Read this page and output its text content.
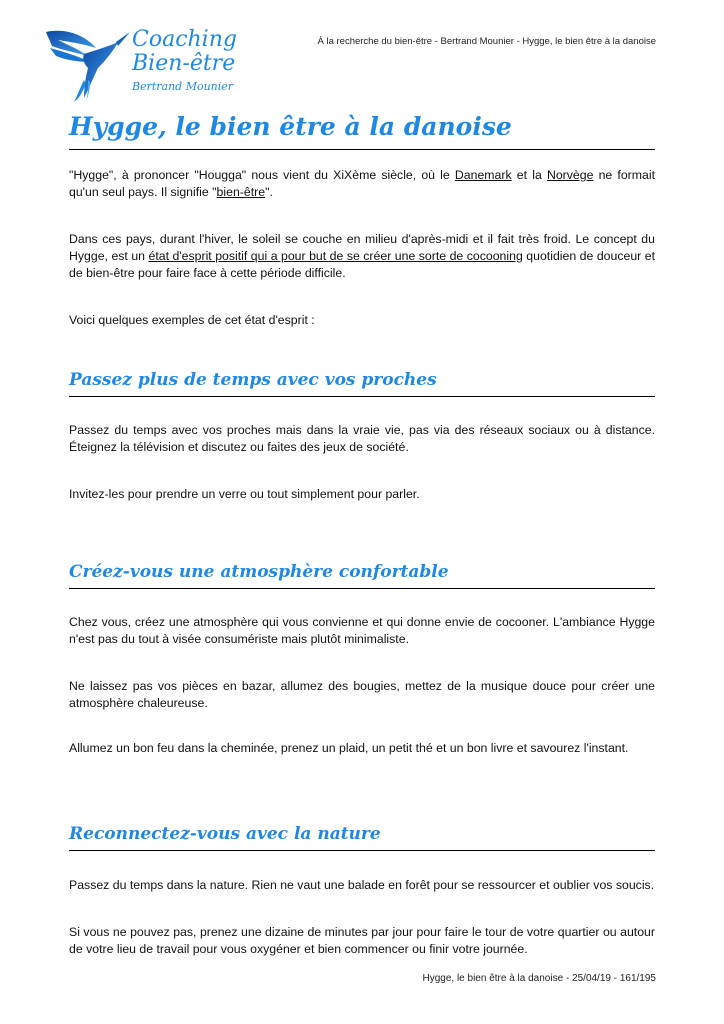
Coaching
Bien-être
Bertrand Mounier
À la recherche du bien-être - Bertrand Mounier - Hygge, le bien être à la danoise
Hygge, le bien être à la danoise

"Hygge", à prononcer "Hougga" nous vient du XiXème siècle, où le Danemark et la Norvège ne formait qu'un seul pays. Il signifie "bien-être".

Dans ces pays, durant l'hiver, le soleil se couche en milieu d'après-midi et il fait très froid. Le concept du Hygge, est un état d'esprit positif qui a pour but de se créer une sorte de cocooning quotidien de douceur et de bien-être pour faire face à cette période difficile.

Voici quelques exemples de cet état d'esprit :

Passez plus de temps avec vos proches

Passez du temps avec vos proches mais dans la vraie vie, pas via des réseaux sociaux ou à distance. Éteignez la télévision et discutez ou faites des jeux de société.

Invitez-les pour prendre un verre ou tout simplement pour parler.

Créez-vous une atmosphère confortable

Chez vous, créez une atmosphère qui vous convienne et qui donne envie de cocooner. L'ambiance Hygge n'est pas du tout à visée consumériste mais plutôt minimaliste.

Ne laissez pas vos pièces en bazar, allumez des bougies, mettez de la musique douce pour créer une atmosphère chaleureuse.

Allumez un bon feu dans la cheminée, prenez un plaid, un petit thé et un bon livre et savourez l'instant.

Reconnectez-vous avec la nature

Passez du temps dans la nature. Rien ne vaut une balade en forêt pour se ressourcer et oublier vos soucis.

Si vous ne pouvez pas, prenez une dizaine de minutes par jour pour faire le tour de votre quartier ou autour de votre lieu de travail pour vous oxygéner et bien commencer ou finir votre journée.

Hygge, le bien être à la danoise - 25/04/19 - 161/195
